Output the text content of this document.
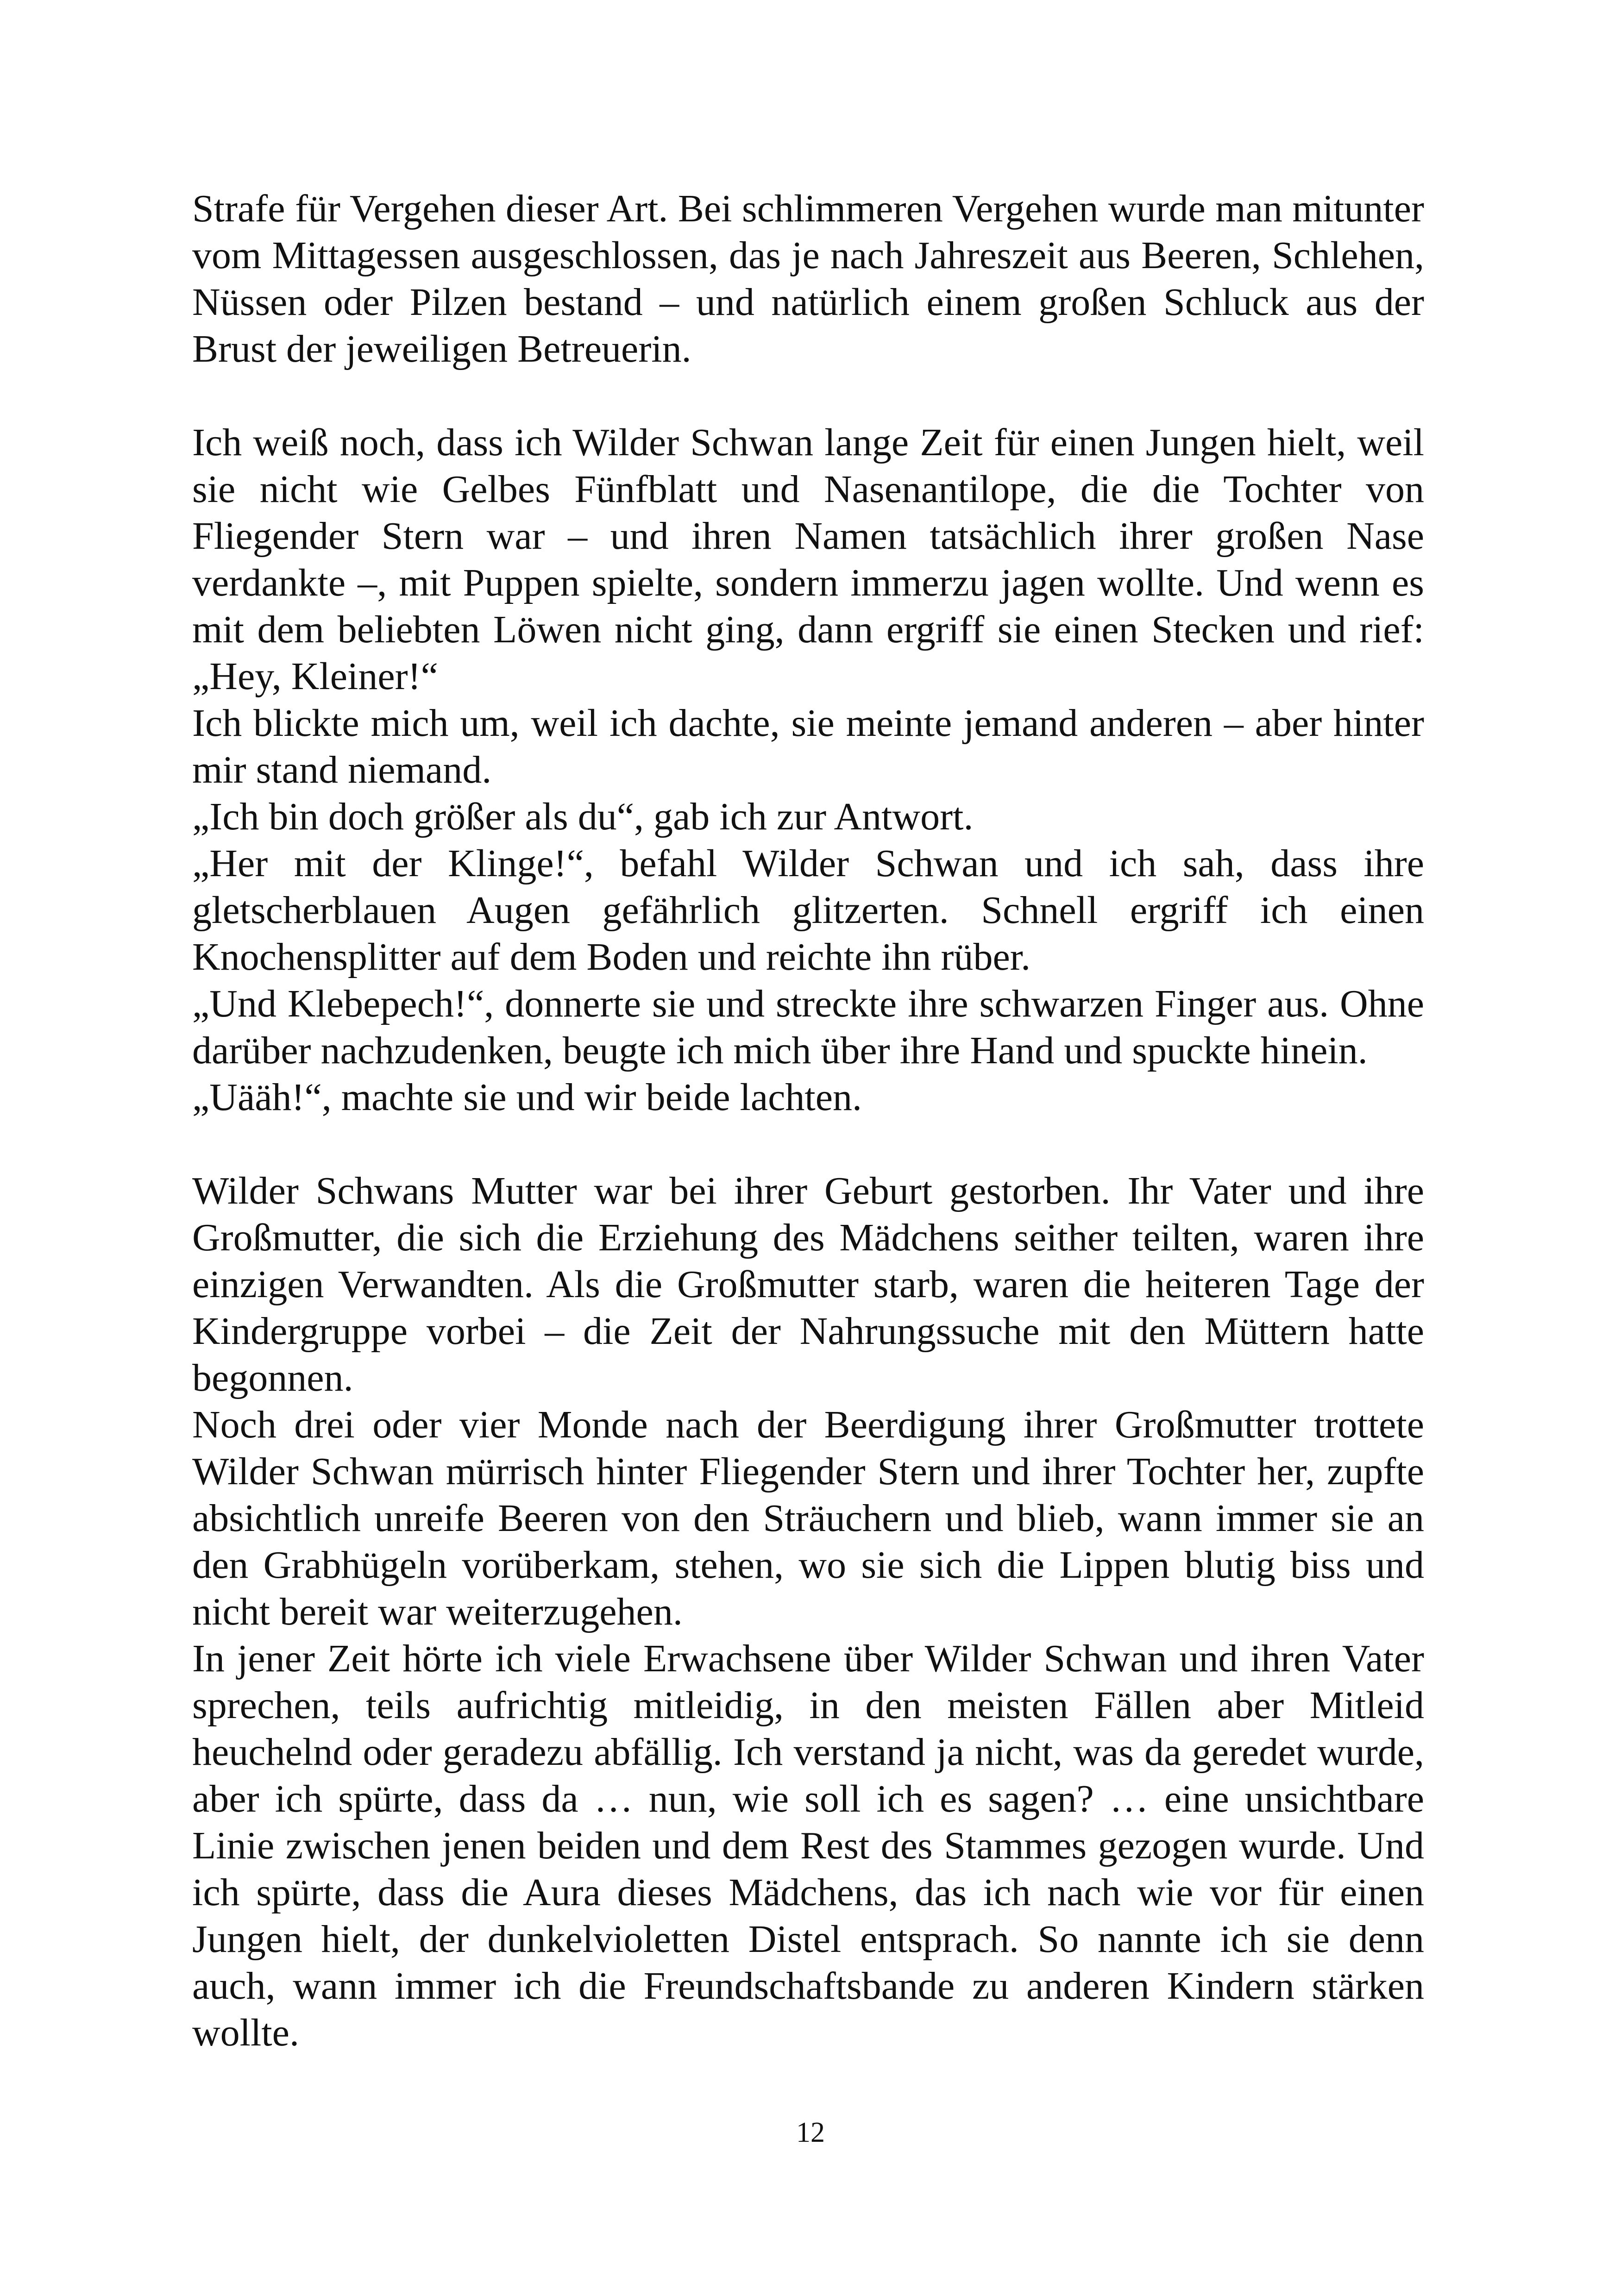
Strafe für Vergehen dieser Art. Bei schlimmeren Vergehen wurde man mitunter vom Mittagessen ausgeschlossen, das je nach Jahreszeit aus Beeren, Schlehen, Nüssen oder Pilzen bestand – und natürlich einem großen Schluck aus der Brust der jeweiligen Betreuerin.

Ich weiß noch, dass ich Wilder Schwan lange Zeit für einen Jungen hielt, weil sie nicht wie Gelbes Fünfblatt und Nasenantilope, die die Tochter von Fliegender Stern war – und ihren Namen tatsächlich ihrer großen Nase verdankte –, mit Puppen spielte, sondern immerzu jagen wollte. Und wenn es mit dem beliebten Löwen nicht ging, dann ergriff sie einen Stecken und rief: „Hey, Kleiner!“

Ich blickte mich um, weil ich dachte, sie meinte jemand anderen – aber hinter mir stand niemand.

„Ich bin doch größer als du“, gab ich zur Antwort.

„Her mit der Klinge!“, befahl Wilder Schwan und ich sah, dass ihre gletscherblauen Augen gefährlich glitzerten. Schnell ergriff ich einen Knochensplitter auf dem Boden und reichte ihn rüber.

„Und Klebepech!“, donnerte sie und streckte ihre schwarzen Finger aus. Ohne darüber nachzudenken, beugte ich mich über ihre Hand und spuckte hinein.

„Uääh!“, machte sie und wir beide lachten.

Wilder Schwans Mutter war bei ihrer Geburt gestorben. Ihr Vater und ihre Großmutter, die sich die Erziehung des Mädchens seither teilten, waren ihre einzigen Verwandten. Als die Großmutter starb, waren die heiteren Tage der Kindergruppe vorbei – die Zeit der Nahrungssuche mit den Müttern hatte begonnen.

Noch drei oder vier Monde nach der Beerdigung ihrer Großmutter trottete Wilder Schwan mürrisch hinter Fliegender Stern und ihrer Tochter her, zupfte absichtlich unreife Beeren von den Sträuchern und blieb, wann immer sie an den Grabhügeln vorüberkam, stehen, wo sie sich die Lippen blutig biss und nicht bereit war weiterzugehen.

In jener Zeit hörte ich viele Erwachsene über Wilder Schwan und ihren Vater sprechen, teils aufrichtig mitleidig, in den meisten Fällen aber Mitleid heuchelnd oder geradezu abfällig. Ich verstand ja nicht, was da geredet wurde, aber ich spürte, dass da … nun, wie soll ich es sagen? … eine unsichtbare Linie zwischen jenen beiden und dem Rest des Stammes gezogen wurde. Und ich spürte, dass die Aura dieses Mädchens, das ich nach wie vor für einen Jungen hielt, der dunkelvioletten Distel entsprach. So nannte ich sie denn auch, wann immer ich die Freundschaftsbande zu anderen Kindern stärken wollte.

12
